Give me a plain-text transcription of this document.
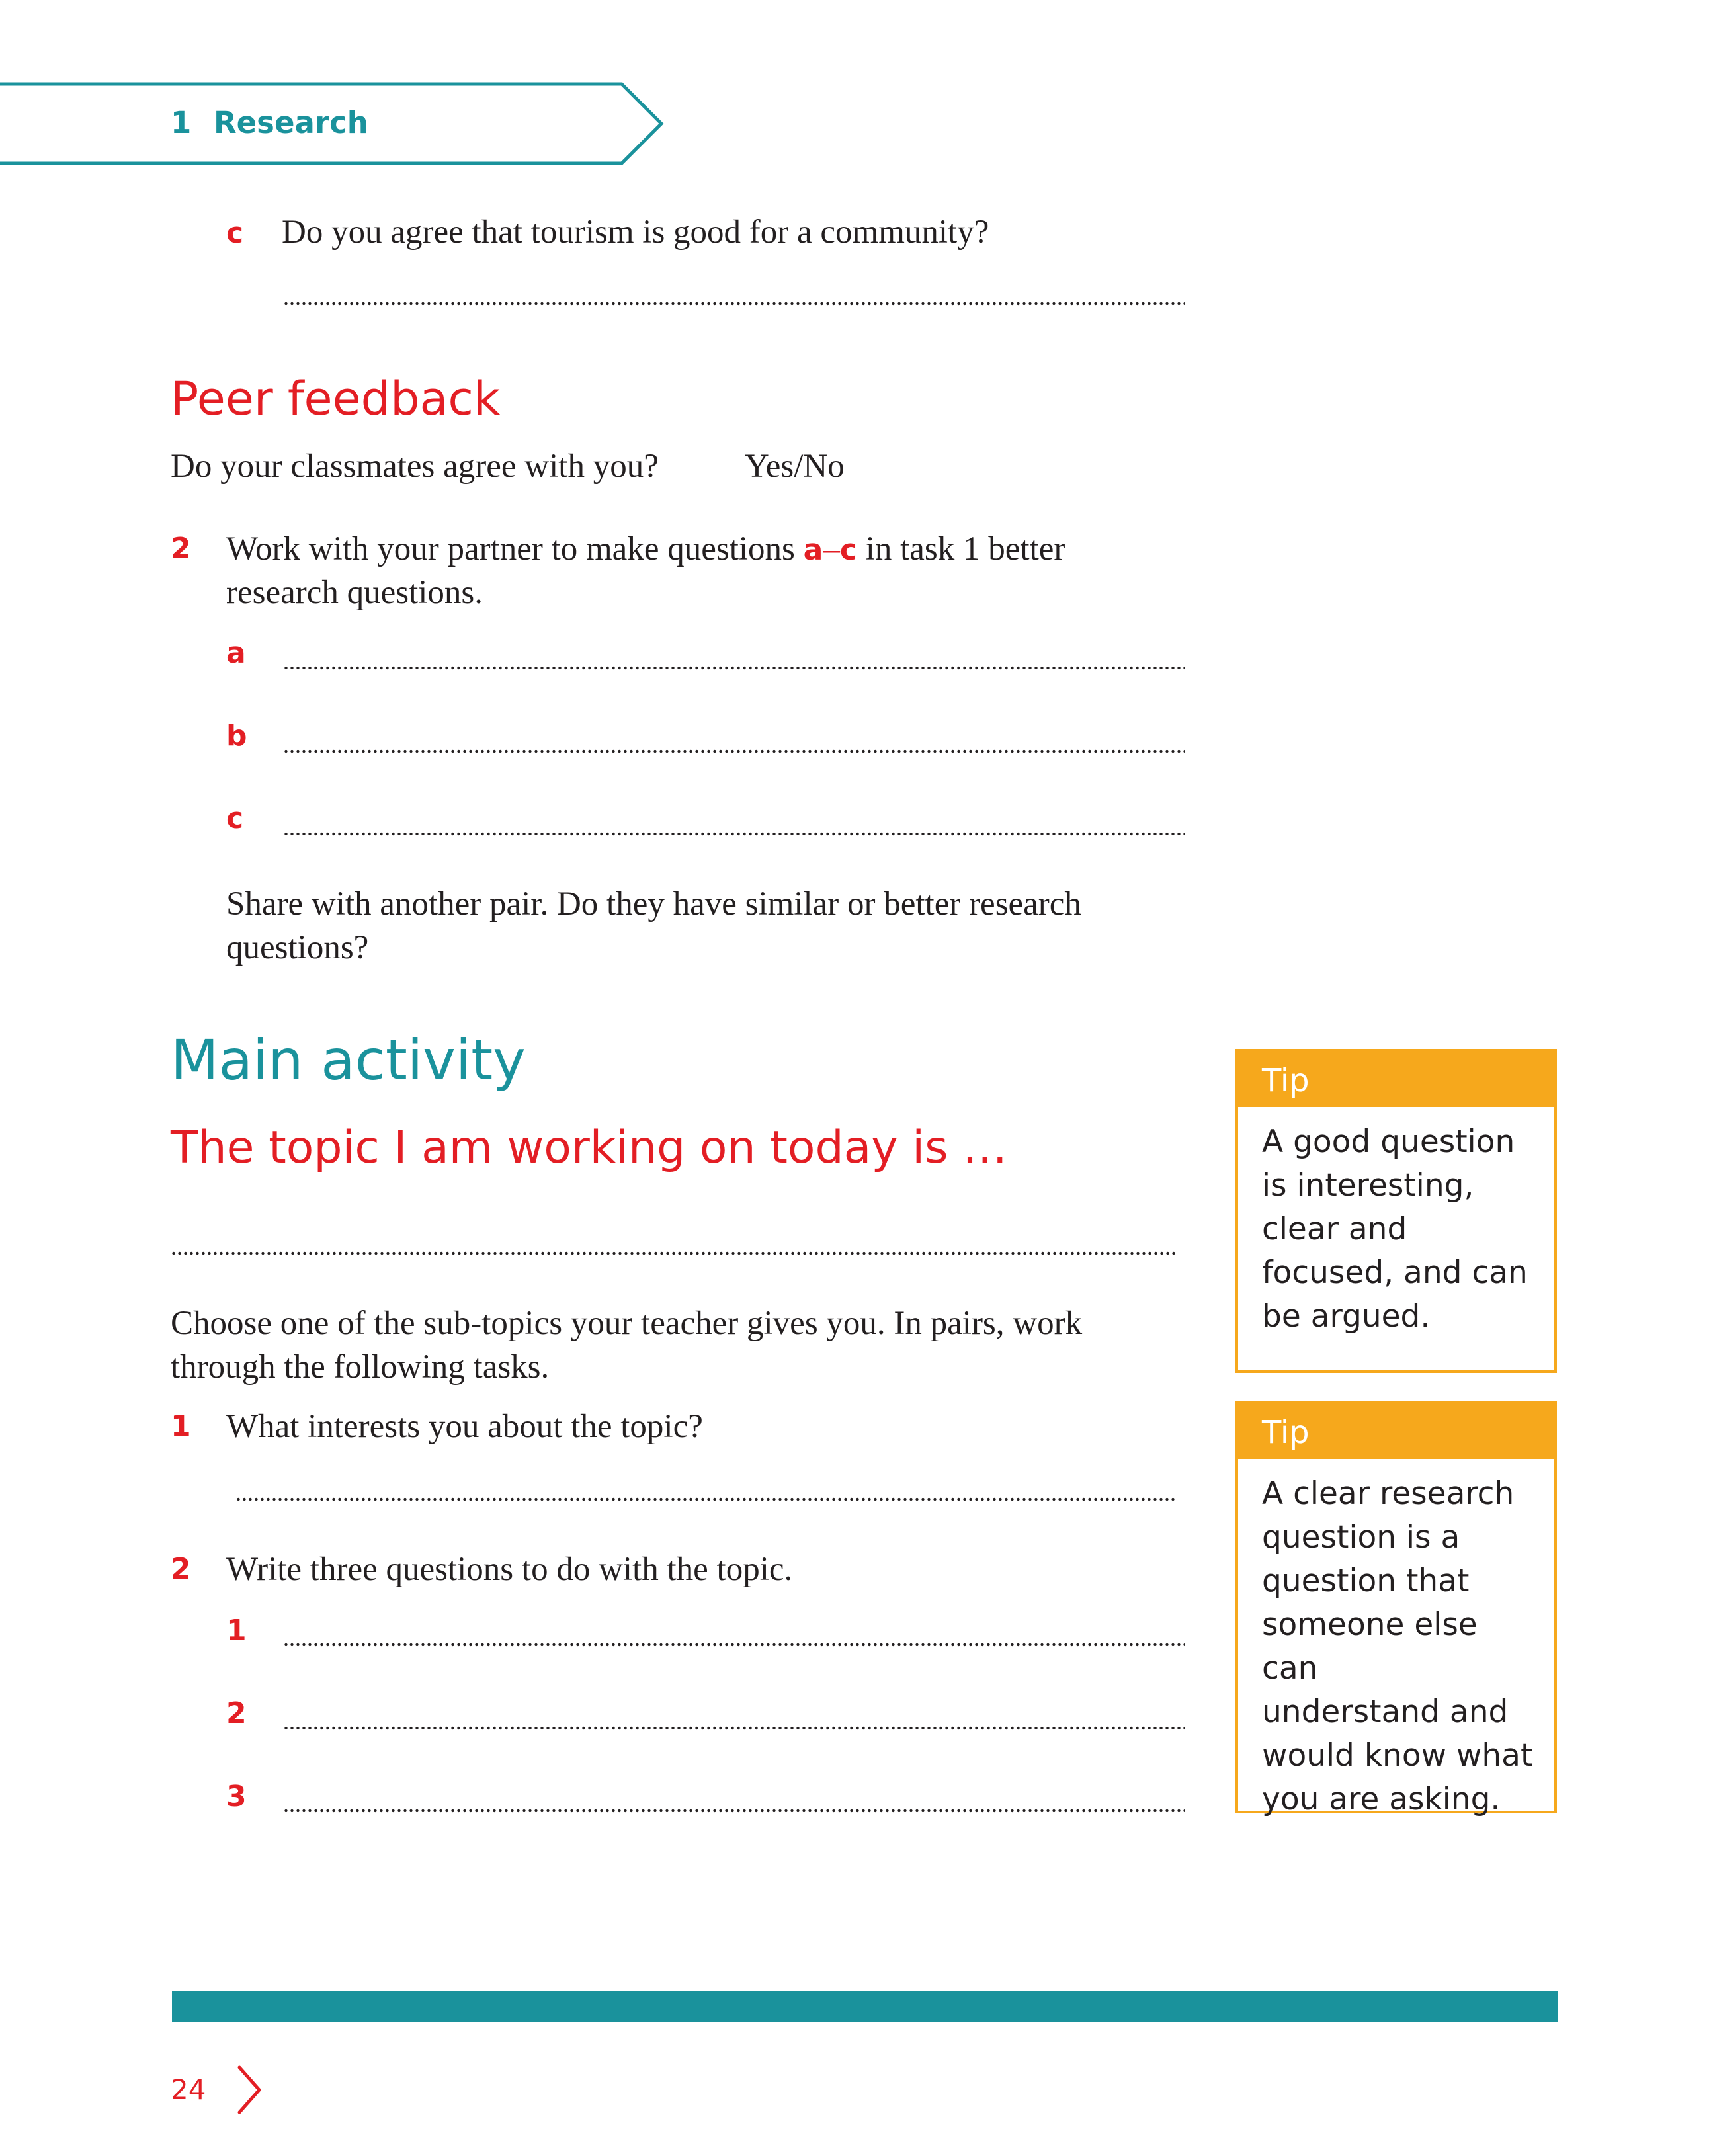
1 Research
c Do you agree that tourism is good for a community?
Peer feedback
Do your classmates agree with you?	Yes/No
2 Work with your partner to make questions a–c in task 1 better
research questions.
a
b
c
Share with another pair. Do they have similar or better research
questions?
Main activity
The topic I am working on today is …
Choose one of the sub-topics your teacher gives you. In pairs, work
through the following tasks.
1 What interests you about the topic?
2 Write three questions to do with the topic.
1
2
3
Tip
A good question
is interesting,
clear and
focused, and can
be argued.
Tip
A clear research
question is a
question that
someone else can
understand and
would know what
you are asking.
24
